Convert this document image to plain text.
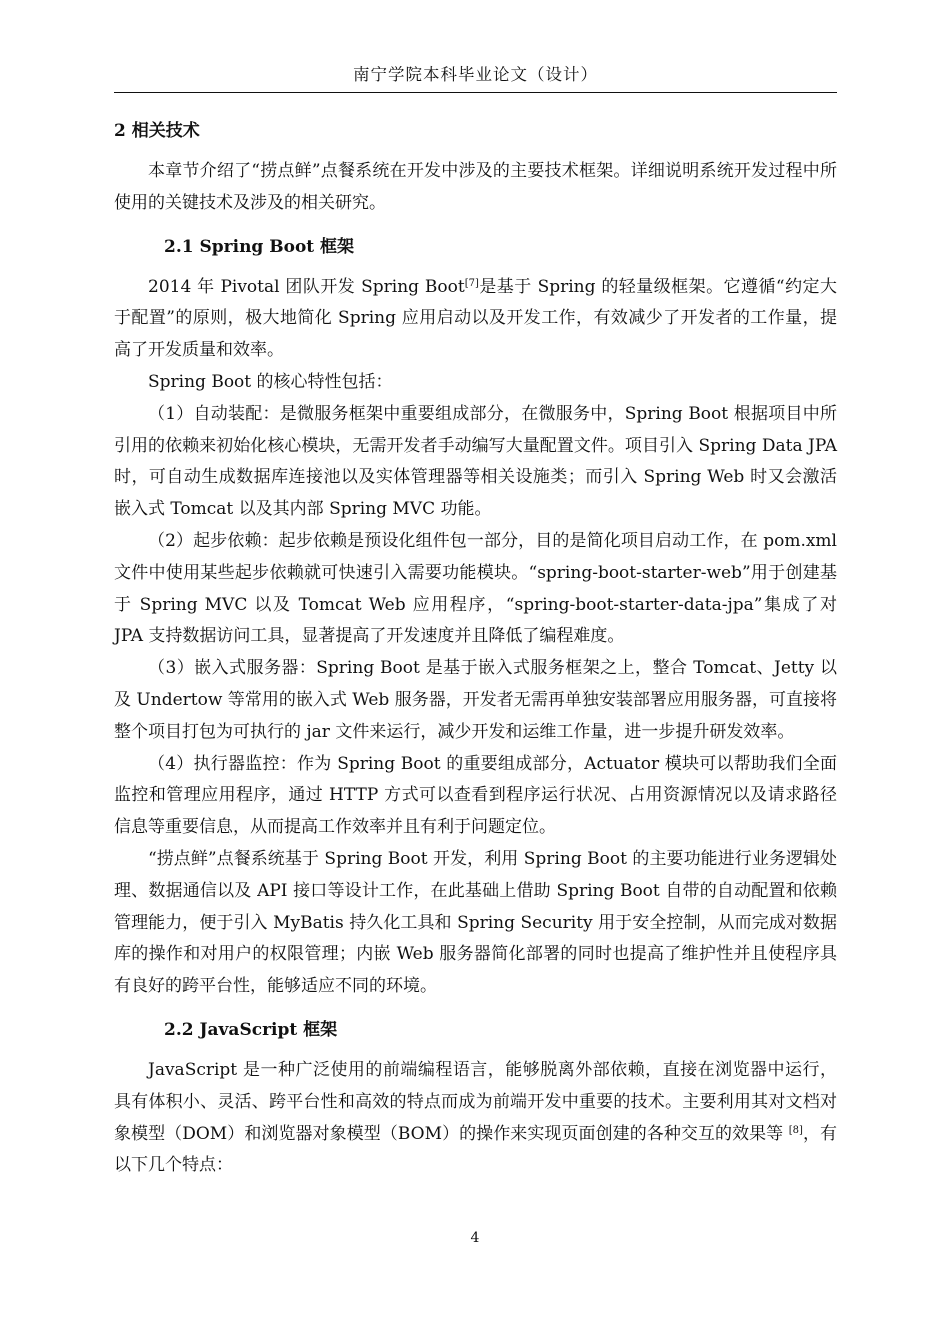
南宁学院本科毕业论文（设计）
2 相关技术

本章节介绍了“捞点鲜”点餐系统在开发中涉及的主要技术框架。详细说明系统开发过程中所使用的关键技术及涉及的相关研究。

2.1 Spring Boot 框架

2014 年 Pivotal 团队开发 Spring Boot[7]是基于 Spring 的轻量级框架。它遵循“约定大于配置”的原则，极大地简化 Spring 应用启动以及开发工作，有效减少了开发者的工作量，提高了开发质量和效率。

Spring Boot 的核心特性包括：

（1）自动装配：是微服务框架中重要组成部分，在微服务中，Spring Boot 根据项目中所引用的依赖来初始化核心模块，无需开发者手动编写大量配置文件。项目引入 Spring Data JPA 时，可自动生成数据库连接池以及实体管理器等相关设施类；而引入 Spring Web 时又会激活嵌入式 Tomcat 以及其内部 Spring MVC 功能。

（2）起步依赖：起步依赖是预设化组件包一部分，目的是简化项目启动工作，在 pom.xml 文件中使用某些起步依赖就可快速引入需要功能模块。“spring-boot-starter-web”用于创建基于 Spring MVC 以及 Tomcat Web 应用程序，“spring-boot-starter-data-jpa”集成了对 JPA 支持数据访问工具，显著提高了开发速度并且降低了编程难度。

（3）嵌入式服务器：Spring Boot 是基于嵌入式服务框架之上，整合 Tomcat、Jetty 以及 Undertow 等常用的嵌入式 Web 服务器，开发者无需再单独安装部署应用服务器，可直接将整个项目打包为可执行的 jar 文件来运行，减少开发和运维工作量，进一步提升研发效率。

（4）执行器监控：作为 Spring Boot 的重要组成部分，Actuator 模块可以帮助我们全面监控和管理应用程序，通过 HTTP 方式可以查看到程序运行状况、占用资源情况以及请求路径信息等重要信息，从而提高工作效率并且有利于问题定位。

“捞点鲜”点餐系统基于 Spring Boot 开发，利用 Spring Boot 的主要功能进行业务逻辑处理、数据通信以及 API 接口等设计工作，在此基础上借助 Spring Boot 自带的自动配置和依赖管理能力，便于引入 MyBatis 持久化工具和 Spring Security 用于安全控制，从而完成对数据库的操作和对用户的权限管理；内嵌 Web 服务器简化部署的同时也提高了维护性并且使程序具有良好的跨平台性，能够适应不同的环境。

2.2 JavaScript 框架

JavaScript 是一种广泛使用的前端编程语言，能够脱离外部依赖，直接在浏览器中运行，具有体积小、灵活、跨平台性和高效的特点而成为前端开发中重要的技术。主要利用其对文档对象模型（DOM）和浏览器对象模型（BOM）的操作来实现页面创建的各种交互的效果等 [8]，有以下几个特点：

4
